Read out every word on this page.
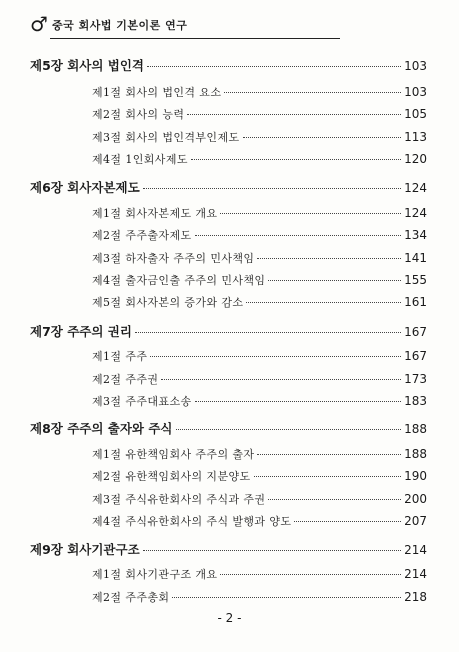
♂ 중국 회사법 기본이론 연구
제5장 회사의 법인격	103
제1절 회사의 법인격 요소	103
제2절 회사의 능력	105
제3절 회사의 법인격부인제도	113
제4절 1인회사제도	120
제6장 회사자본제도	124
제1절 회사자본제도 개요	124
제2절 주주출자제도	134
제3절 하자출자 주주의 민사책임	141
제4절 출자금인출 주주의 민사책임	155
제5절 회사자본의 증가와 감소	161
제7장 주주의 권리	167
제1절 주주	167
제2절 주주권	173
제3절 주주대표소송	183
제8장 주주의 출자와 주식	188
제1절 유한책임회사 주주의 출자	188
제2절 유한책임회사의 지분양도	190
제3절 주식유한회사의 주식과 주권	200
제4절 주식유한회사의 주식 발행과 양도	207
제9장 회사기관구조	214
제1절 회사기관구조 개요	214
제2절 주주총회	218
- 2 -
